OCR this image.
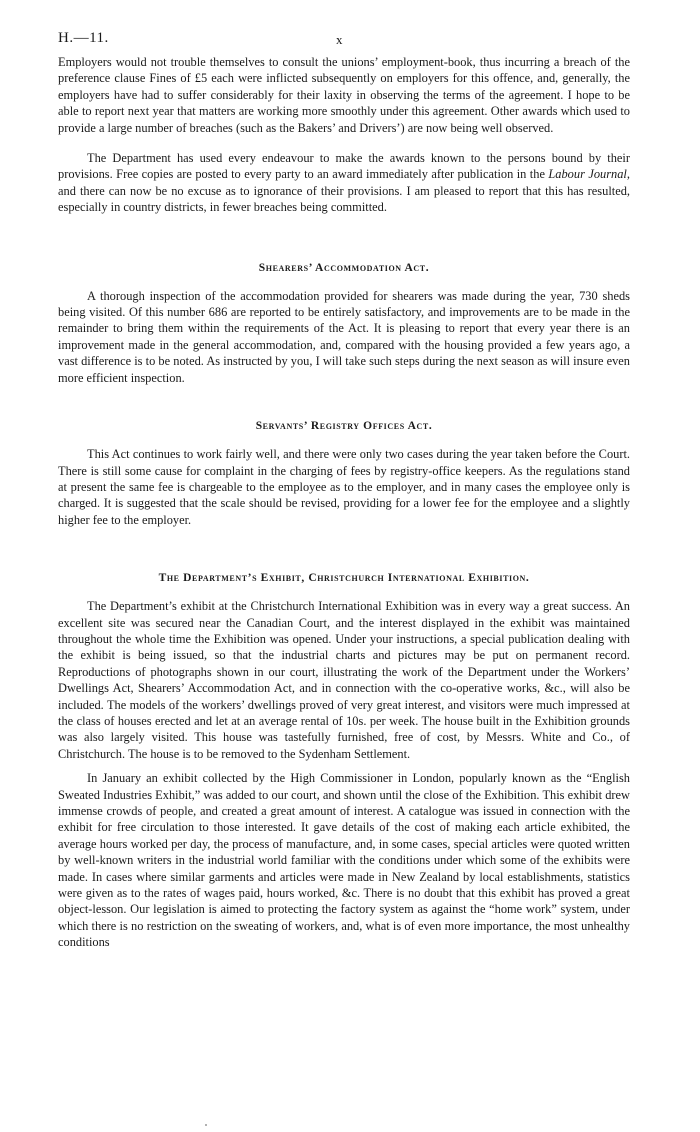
H.—11.	x

Employers would not trouble themselves to consult the unions’ employment-book, thus incurring a breach of the preference clause Fines of £5 each were inflicted subsequently on employers for this offence, and, generally, the employers have had to suffer considerably for their laxity in observing the terms of the agreement. I hope to be able to report next year that matters are working more smoothly under this agreement. Other awards which used to provide a large number of breaches (such as the Bakers’ and Drivers’) are now being well observed.

The Department has used every endeavour to make the awards known to the persons bound by their provisions. Free copies are posted to every party to an award immediately after publication in the Labour Journal, and there can now be no excuse as to ignorance of their provisions. I am pleased to report that this has resulted, especially in country districts, in fewer breaches being committed.

Shearers’ Accommodation Act.

A thorough inspection of the accommodation provided for shearers was made during the year, 730 sheds being visited. Of this number 686 are reported to be entirely satisfactory, and improvements are to be made in the remainder to bring them within the requirements of the Act. It is pleasing to report that every year there is an improvement made in the general accommodation, and, compared with the housing provided a few years ago, a vast difference is to be noted. As instructed by you, I will take such steps during the next season as will insure even more efficient inspection.

Servants’ Registry Offices Act.

This Act continues to work fairly well, and there were only two cases during the year taken before the Court. There is still some cause for complaint in the charging of fees by registry-office keepers. As the regulations stand at present the same fee is chargeable to the employee as to the employer, and in many cases the employee only is charged. It is suggested that the scale should be revised, providing for a lower fee for the employee and a slightly higher fee to the employer.

The Department’s Exhibit, Christchurch International Exhibition.

The Department’s exhibit at the Christchurch International Exhibition was in every way a great success. An excellent site was secured near the Canadian Court, and the interest displayed in the exhibit was maintained throughout the whole time the Exhibition was opened. Under your instructions, a special publication dealing with the exhibit is being issued, so that the industrial charts and pictures may be put on permanent record. Reproductions of photographs shown in our court, illustrating the work of the Department under the Workers’ Dwellings Act, Shearers’ Accommodation Act, and in connection with the co-operative works, &c., will also be included. The models of the workers’ dwellings proved of very great interest, and visitors were much impressed at the class of houses erected and let at an average rental of 10s. per week. The house built in the Exhibition grounds was also largely visited. This house was tastefully furnished, free of cost, by Messrs. White and Co., of Christchurch. The house is to be removed to the Sydenham Settlement.

In January an exhibit collected by the High Commissioner in London, popularly known as the “English Sweated Industries Exhibit,” was added to our court, and shown until the close of the Exhibition. This exhibit drew immense crowds of people, and created a great amount of interest. A catalogue was issued in connection with the exhibit for free circulation to those interested. It gave details of the cost of making each article exhibited, the average hours worked per day, the process of manufacture, and, in some cases, special articles were quoted written by well-known writers in the industrial world familiar with the conditions under which some of the exhibits were made. In cases where similar garments and articles were made in New Zealand by local establishments, statistics were given as to the rates of wages paid, hours worked, &c. There is no doubt that this exhibit has proved a great object-lesson. Our legislation is aimed to protecting the factory system as against the “home work” system, under which there is no restriction on the sweating of workers, and, what is of even more importance, the most unhealthy conditions
